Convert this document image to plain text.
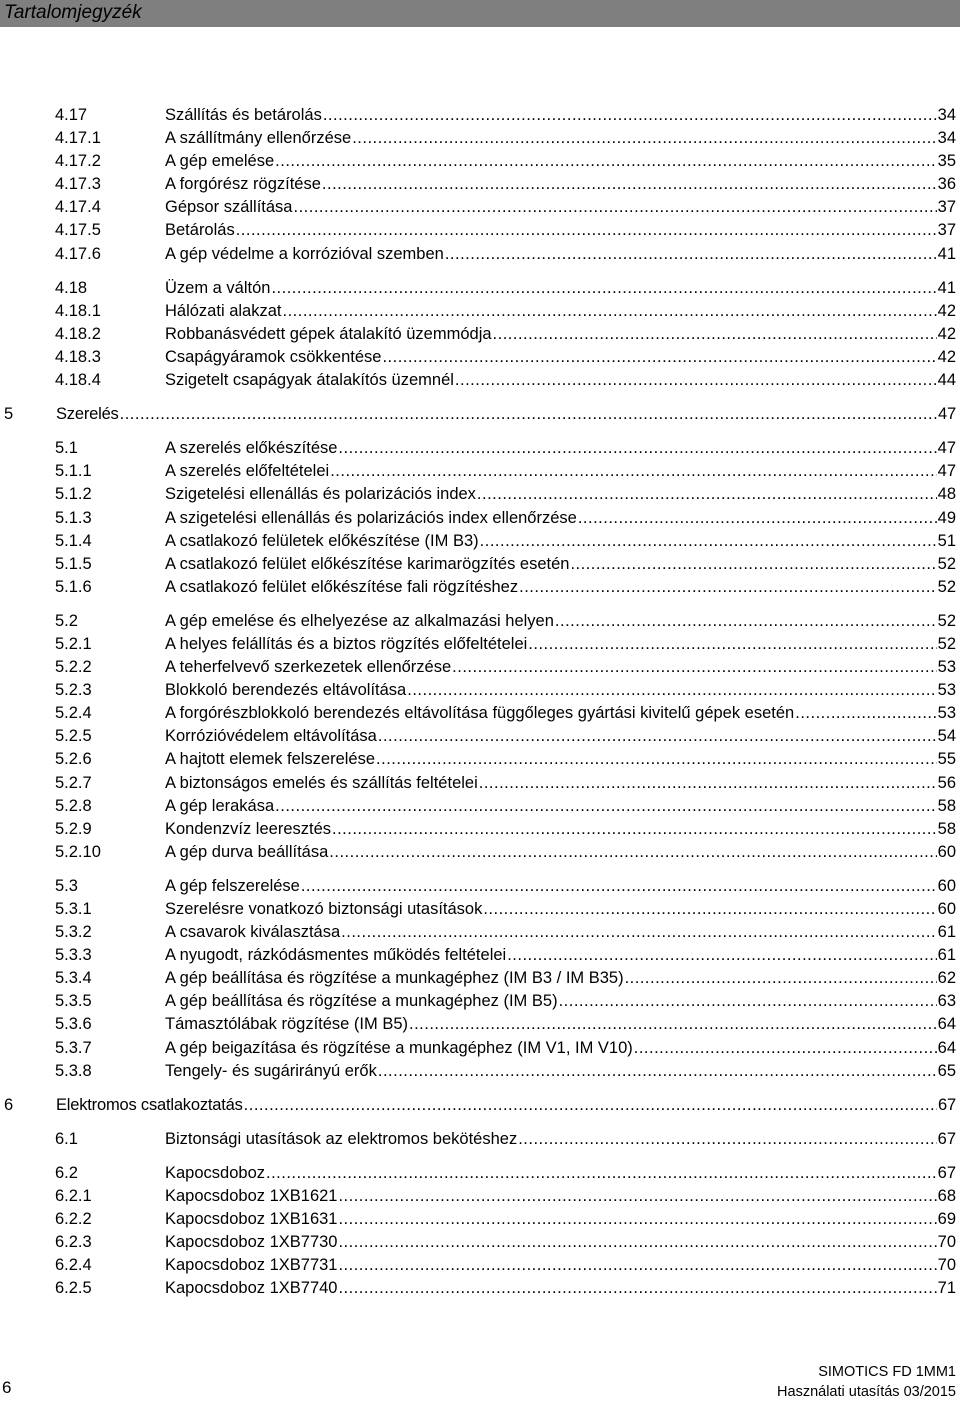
Tartalomjegyzék
4.17	Szállítás és betárolás .....	34
4.17.1	A szállítmány ellenőrzése .....	34
4.17.2	A gép emelése .....	35
4.17.3	A forgórész rögzítése .....	36
4.17.4	Gépsor szállítása .....	37
4.17.5	Betárolás .....	37
4.17.6	A gép védelme a korrózióval szemben .....	41
4.18	Üzem a váltón .....	41
4.18.1	Hálózati alakzat .....	42
4.18.2	Robbanásvédett gépek átalakító üzemmódja .....	42
4.18.3	Csapágyáramok csökkentése .....	42
4.18.4	Szigetelt csapágyak átalakítós üzemnél .....	44
5	Szerelés .....	47
5.1	A szerelés előkészítése .....	47
5.1.1	A szerelés előfeltételei .....	47
5.1.2	Szigetelési ellenállás és polarizációs index .....	48
5.1.3	A szigetelési ellenállás és polarizációs index ellenőrzése .....	49
5.1.4	A csatlakozó felületek előkészítése (IM B3) .....	51
5.1.5	A csatlakozó felület előkészítése karimarögzítés esetén .....	52
5.1.6	A csatlakozó felület előkészítése fali rögzítéshez .....	52
5.2	A gép emelése és elhelyezése az alkalmazási helyen .....	52
5.2.1	A helyes felállítás és a biztos rögzítés előfeltételei .....	52
5.2.2	A teherfelvevő szerkezetek ellenőrzése .....	53
5.2.3	Blokkoló berendezés eltávolítása .....	53
5.2.4	A forgórészblokkoló berendezés eltávolítása függőleges gyártási kivitelű gépek esetén .....	53
5.2.5	Korrózióvédelem eltávolítása .....	54
5.2.6	A hajtott elemek felszerelése .....	55
5.2.7	A biztonságos emelés és szállítás feltételei .....	56
5.2.8	A gép lerakása .....	58
5.2.9	Kondenzvíz leeresztés .....	58
5.2.10	A gép durva beállítása .....	60
5.3	A gép felszerelése .....	60
5.3.1	Szerelésre vonatkozó biztonsági utasítások .....	60
5.3.2	A csavarok kiválasztása .....	61
5.3.3	A nyugodt, rázkódásmentes működés feltételei .....	61
5.3.4	A gép beállítása és rögzítése a munkagéphez (IM B3 / IM B35) .....	62
5.3.5	A gép beállítása és rögzítése a munkagéphez (IM B5) .....	63
5.3.6	Támasztólábak rögzítése (IM B5) .....	64
5.3.7	A gép beigazítása és rögzítése a munkagéphez (IM V1, IM V10) .....	64
5.3.8	Tengely- és sugárirányú erők .....	65
6	Elektromos csatlakoztatás .....	67
6.1	Biztonsági utasítások az elektromos bekötéshez .....	67
6.2	Kapocsdoboz .....	67
6.2.1	Kapocsdoboz 1XB1621 .....	68
6.2.2	Kapocsdoboz 1XB1631 .....	69
6.2.3	Kapocsdoboz 1XB7730 .....	70
6.2.4	Kapocsdoboz 1XB7731 .....	70
6.2.5	Kapocsdoboz 1XB7740 .....	71
6
SIMOTICS FD 1MM1
Használati utasítás 03/2015
